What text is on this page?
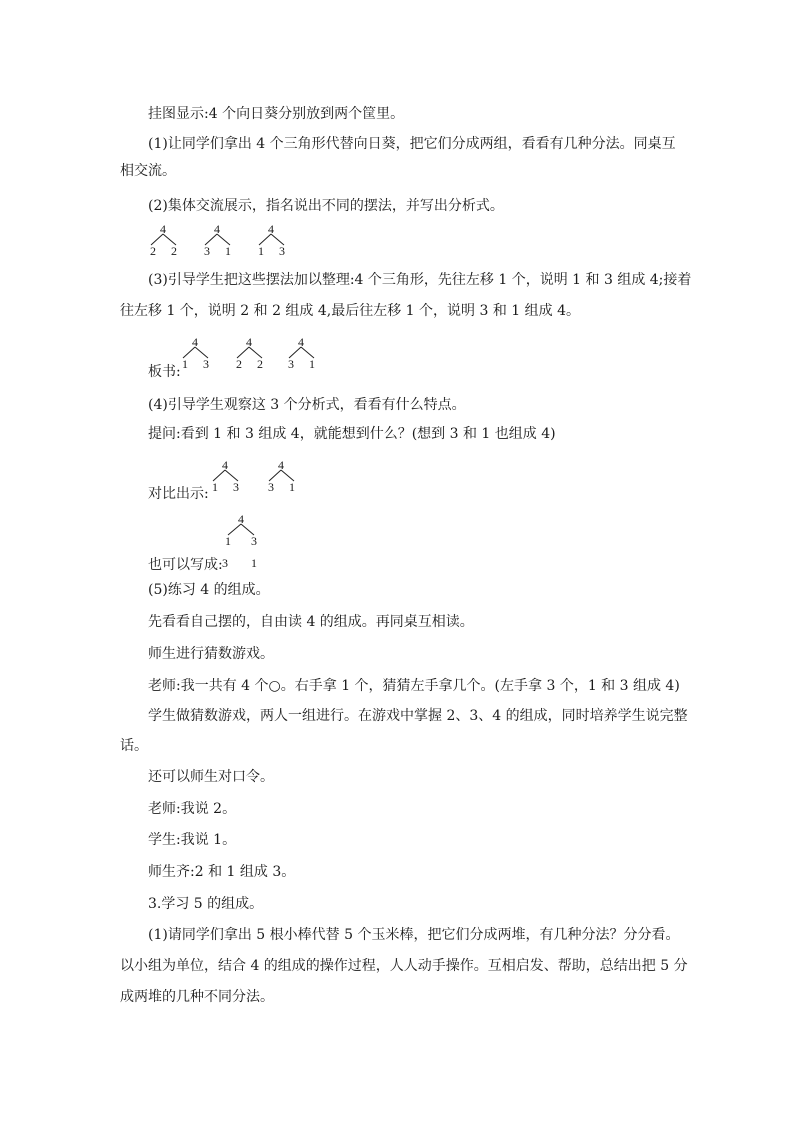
挂图显示:4 个向日葵分别放到两个筐里。
(1)让同学们拿出 4 个三角形代替向日葵，把它们分成两组，看看有几种分法。同桌互
相交流。
(2)集体交流展示，指名说出不同的摆法，并写出分析式。
4
2 2
4
3 1
4
1 3
(3)引导学生把这些摆法加以整理:4 个三角形，先往左移 1 个，说明 1 和 3 组成 4;接着
往左移 1 个，说明 2 和 2 组成 4,最后往左移 1 个，说明 3 和 1 组成 4。
板书:
4
1 3
4
2 2
4
3 1
(4)引导学生观察这 3 个分析式，看看有什么特点。
提问:看到 1 和 3 组成 4，就能想到什么？(想到 3 和 1 也组成 4)
对比出示:
4
1 3
4
3 1
也可以写成:
4
1 3
3 1
(5)练习 4 的组成。
先看看自己摆的，自由读 4 的组成。再同桌互相读。
师生进行猜数游戏。
老师:我一共有 4 个○。右手拿 1 个，猜猜左手拿几个。(左手拿 3 个，1 和 3 组成 4)
学生做猜数游戏，两人一组进行。在游戏中掌握 2、3、4 的组成，同时培养学生说完整
话。
还可以师生对口令。
老师:我说 2。
学生:我说 1。
师生齐:2 和 1 组成 3。
3.学习 5 的组成。
(1)请同学们拿出 5 根小棒代替 5 个玉米棒，把它们分成两堆，有几种分法？分分看。
以小组为单位，结合 4 的组成的操作过程，人人动手操作。互相启发、帮助，总结出把 5 分
成两堆的几种不同分法。
